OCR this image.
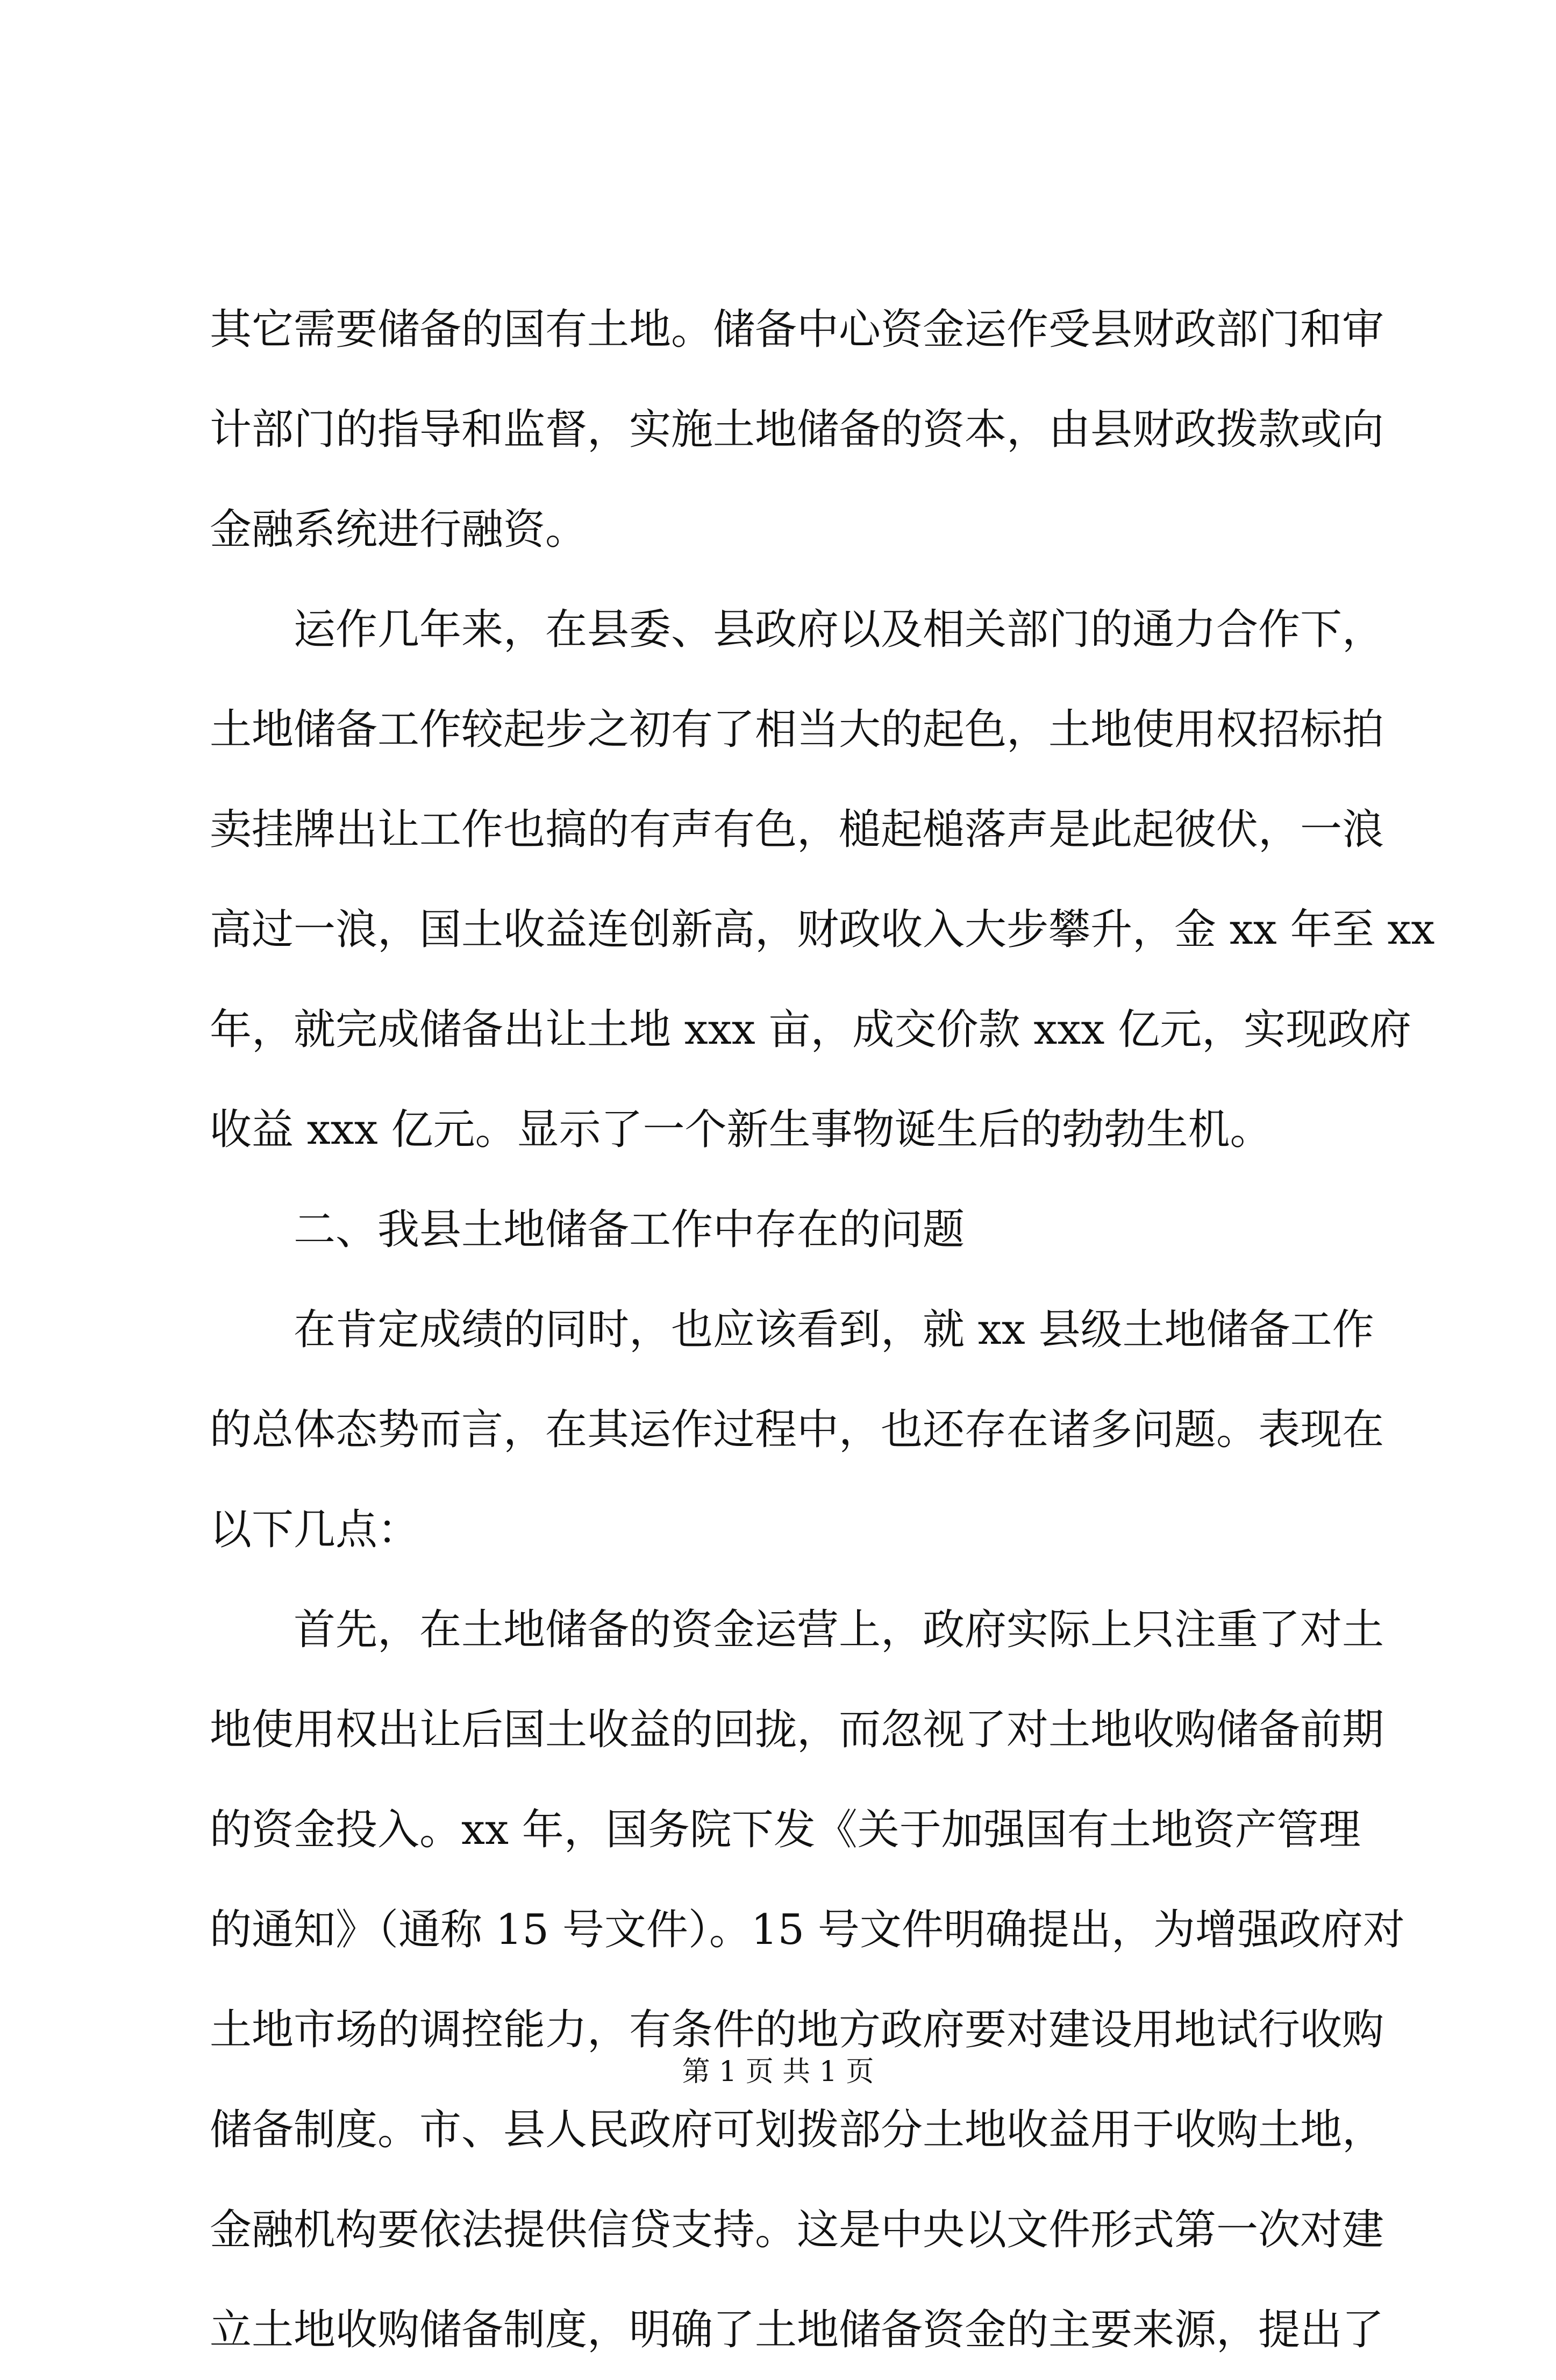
其它需要储备的国有土地。储备中心资金运作受县财政部门和审
计部门的指导和监督，实施土地储备的资本，由县财政拨款或向
金融系统进行融资。
运作几年来，在县委、县政府以及相关部门的通力合作下，
土地储备工作较起步之初有了相当大的起色，土地使用权招标拍
卖挂牌出让工作也搞的有声有色，槌起槌落声是此起彼伏，一浪
高过一浪，国土收益连创新高，财政收入大步攀升，金 xx 年至 xx
年，就完成储备出让土地 xxx 亩，成交价款 xxx 亿元，实现政府
收益 xxx 亿元。显示了一个新生事物诞生后的勃勃生机。
二、我县土地储备工作中存在的问题
在肯定成绩的同时，也应该看到，就 xx 县级土地储备工作
的总体态势而言，在其运作过程中，也还存在诸多问题。表现在
以下几点：
首先，在土地储备的资金运营上，政府实际上只注重了对土
地使用权出让后国土收益的回拢，而忽视了对土地收购储备前期
的资金投入。xx 年，国务院下发《关于加强国有土地资产管理
的通知》（通称 15 号文件）。15 号文件明确提出，为增强政府对
土地市场的调控能力，有条件的地方政府要对建设用地试行收购
储备制度。市、县人民政府可划拨部分土地收益用于收购土地，
金融机构要依法提供信贷支持。这是中央以文件形式第一次对建
立土地收购储备制度，明确了土地储备资金的主要来源，提出了
第 1 页 共 1 页
